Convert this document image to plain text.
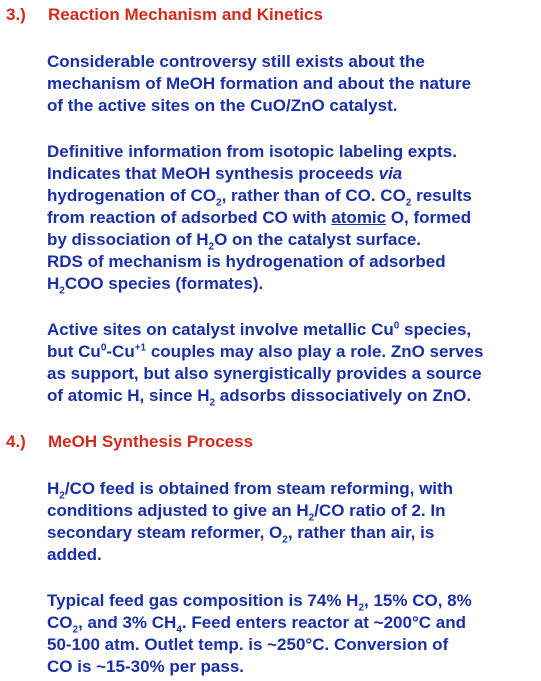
3.) Reaction Mechanism and Kinetics

Considerable controversy still exists about the
mechanism of MeOH formation and about the nature
of the active sites on the CuO/ZnO catalyst.

Definitive information from isotopic labeling expts.
Indicates that MeOH synthesis proceeds via
hydrogenation of $CO_2$, rather than of CO. $CO_2$ results
from reaction of adsorbed CO with atomic O, formed
by dissociation of $H_2O$ on the catalyst surface.
RDS of mechanism is hydrogenation of adsorbed
$H_2COO$ species (formates).

Active sites on catalyst involve metallic Cu$^0$ species,
but $Cu^0-Cu^{+1}$ couples may also play a role. ZnO serves
as support, but also synergistically provides a source
of atomic H, since $H_2$ adsorbs dissociatively on ZnO.

4.) MeOH Synthesis Process

$H_2/CO$ feed is obtained from steam reforming, with
conditions adjusted to give an $H_2/CO$ ratio of 2. In
secondary steam reformer, $O_2$, rather than air, is
added.

Typical feed gas composition is 74% $H_2$, 15% CO, 8%
$CO_2$, and 3% $CH_4$. Feed enters reactor at ~200°C and
50-100 atm. Outlet temp. is ~250°C. Conversion of
CO is ~15-30% per pass.
